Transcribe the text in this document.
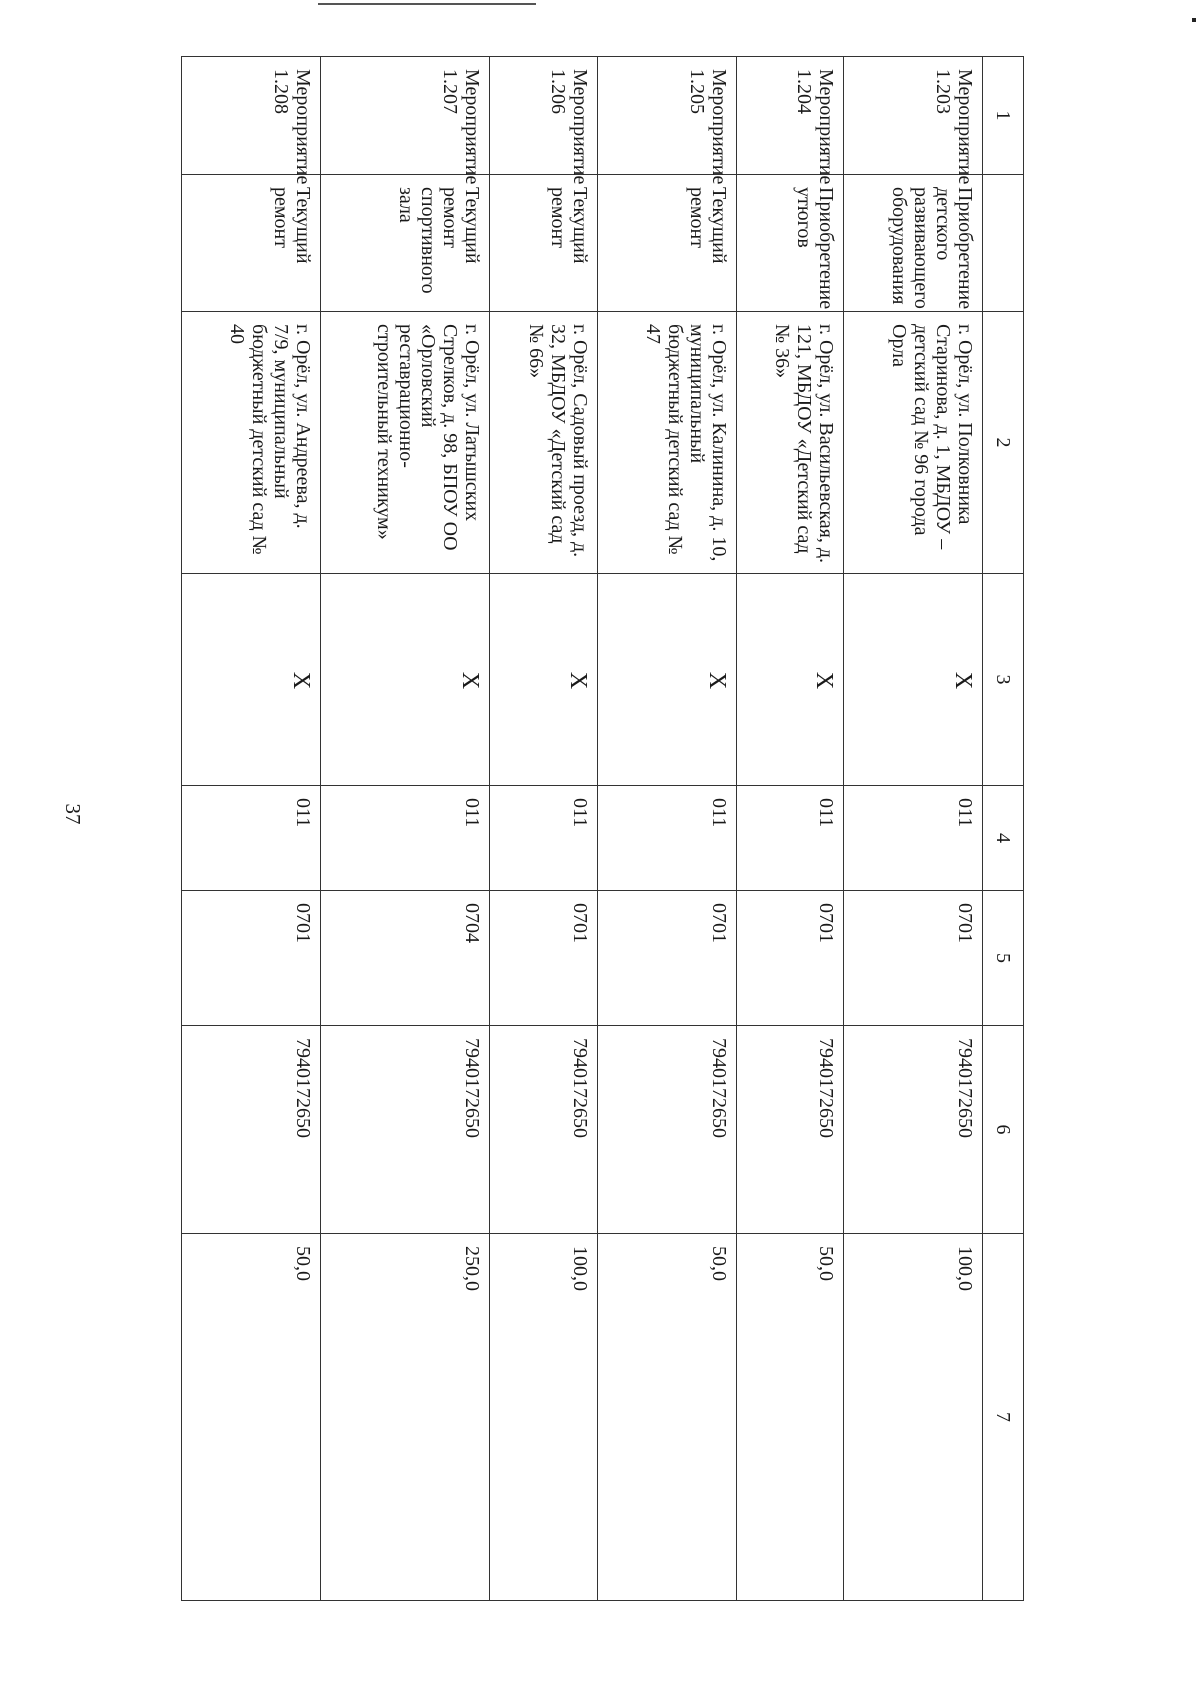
37
1		2	3	4	5	6	7
Мероприятие 1.203	Приобретение детского развивающего оборудования	г. Орёл, ул. Полковника Старинова, д. 1, МБДОУ – детский сад № 96 города Орла	X	011	0701	7940172650	100,0
Мероприятие 1.204	Приобретение утюгов	г. Орёл, ул. Васильевская, д. 121, МБДОУ «Детский сад № 36»	X	011	0701	7940172650	50,0
Мероприятие 1.205	Текущий ремонт	г. Орёл, ул. Калинина, д. 10, муниципальный бюджетный детский сад № 47	X	011	0701	7940172650	50,0
Мероприятие 1.206	Текущий ремонт	г. Орёл, Садовый проезд, д. 32, МБДОУ «Детский сад № 66»	X	011	0701	7940172650	100,0
Мероприятие 1.207	Текущий ремонт спортивного зала	г. Орёл, ул. Латышских Стрелков, д. 98, БПОУ ОО «Орловский реставрационно-строительный техникум»	X	011	0704	7940172650	250,0
Мероприятие 1.208	Текущий ремонт	г. Орёл, ул. Андреева, д. 7/9, муниципальный бюджетный детский сад № 40	X	011	0701	7940172650	50,0
